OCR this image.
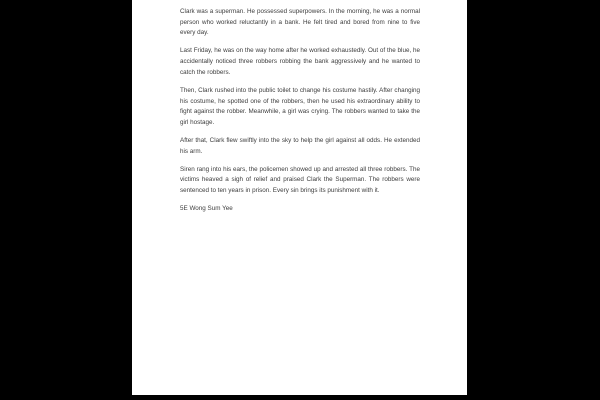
Clark was a superman. He possessed superpowers. In the morning, he was a normal person who worked reluctantly in a bank. He felt tired and bored from nine to five every day.

Last Friday, he was on the way home after he worked exhaustedly. Out of the blue, he accidentally noticed three robbers robbing the bank aggressively and he wanted to catch the robbers.

Then, Clark rushed into the public toilet to change his costume hastily. After changing his costume, he spotted one of the robbers, then he used his extraordinary ability to fight against the robber. Meanwhile, a girl was crying. The robbers wanted to take the girl hostage.

After that, Clark flew swiftly into the sky to help the girl against all odds. He extended his arm.

Siren rang into his ears, the policemen showed up and arrested all three robbers. The victims heaved a sigh of relief and praised Clark the Superman. The robbers were sentenced to ten years in prison. Every sin brings its punishment with it.

5E Wong Sum Yee
